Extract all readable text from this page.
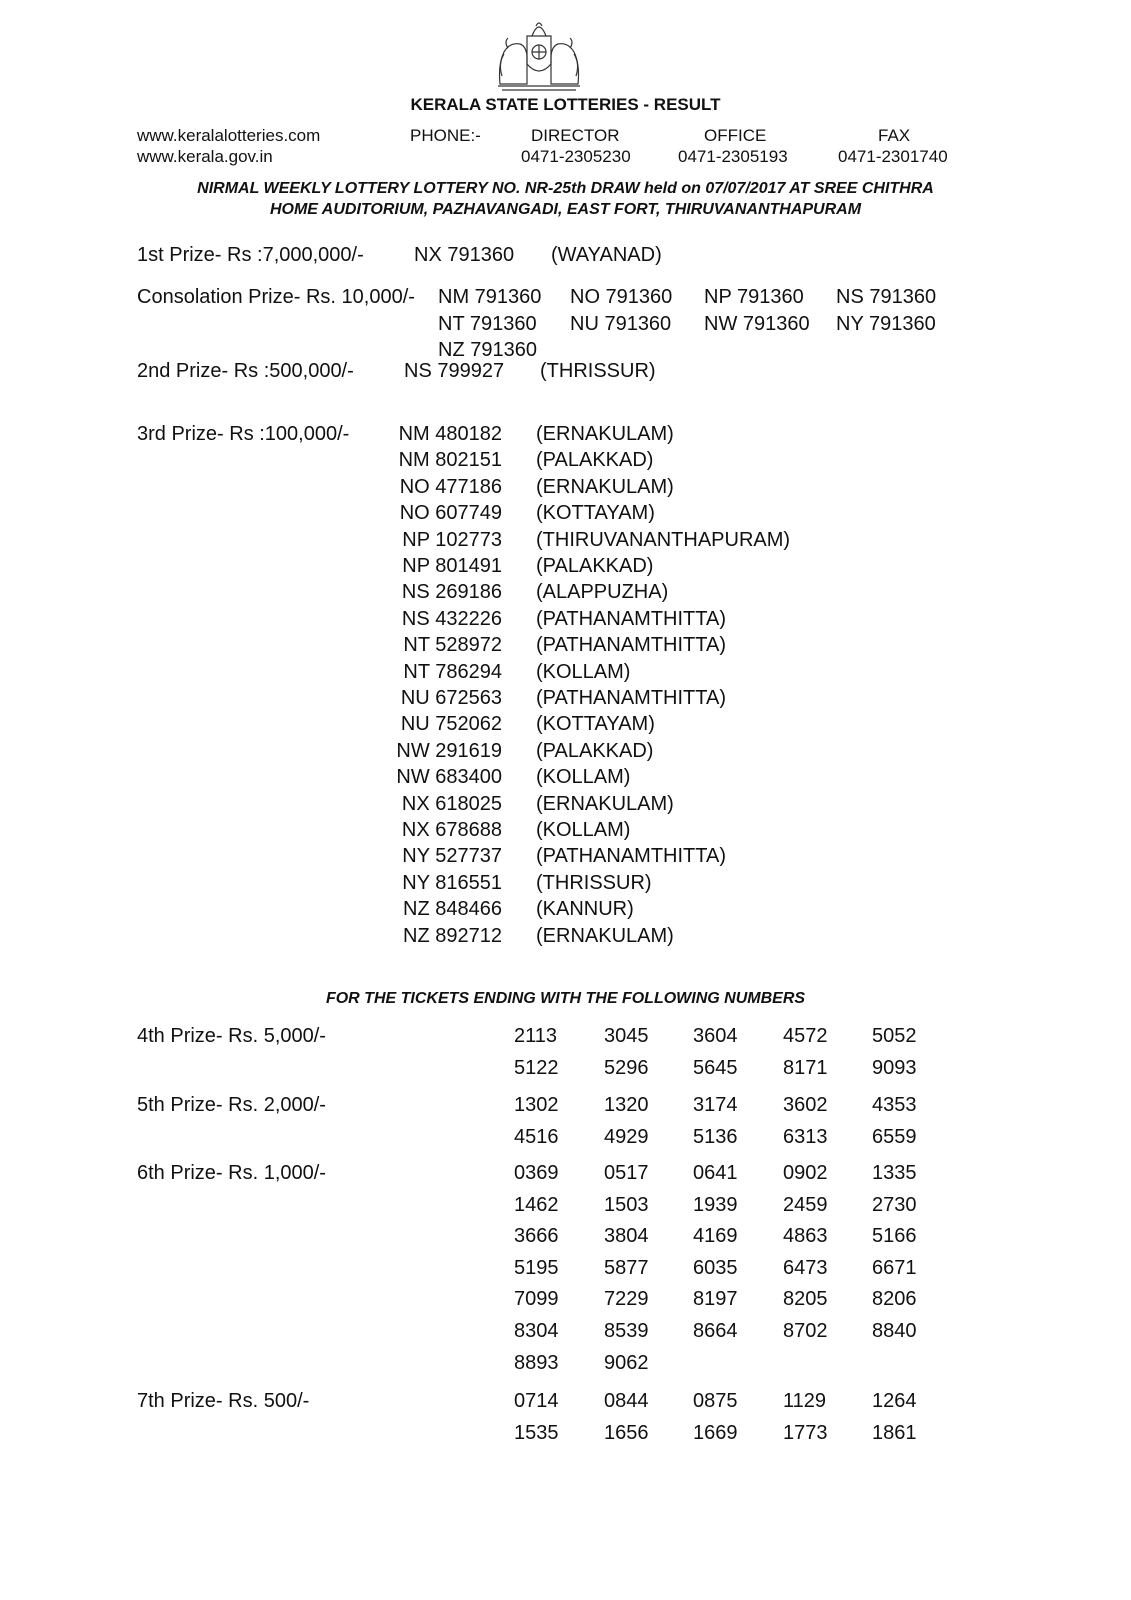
KERALA STATE LOTTERIES - RESULT
www.keralalotteries.com
www.kerala.gov.in
PHONE:-	DIRECTOR	OFFICE	FAX
0471-2305230	0471-2305193	0471-2301740
NIRMAL WEEKLY LOTTERY LOTTERY NO. NR-25th DRAW held on 07/07/2017 AT SREE CHITHRA
HOME AUDITORIUM, PAZHAVANGADI, EAST FORT, THIRUVANANTHAPURAM
1st Prize- Rs :7,000,000/-	NX 791360 (WAYANAD)
Consolation Prize- Rs. 10,000/- NM 791360 NO 791360 NP 791360 NS 791360
NT 791360 NU 791360 NW 791360 NY 791360
NZ 791360
2nd Prize- Rs :500,000/-	NS 799927 (THRISSUR)
3rd Prize- Rs :100,000/-	NM 480182 (ERNAKULAM)
NM 802151 (PALAKKAD)
NO 477186 (ERNAKULAM)
NO 607749 (KOTTAYAM)
NP 102773 (THIRUVANANTHAPURAM)
NP 801491 (PALAKKAD)
NS 269186 (ALAPPUZHA)
NS 432226 (PATHANAMTHITTA)
NT 528972 (PATHANAMTHITTA)
NT 786294 (KOLLAM)
NU 672563 (PATHANAMTHITTA)
NU 752062 (KOTTAYAM)
NW 291619 (PALAKKAD)
NW 683400 (KOLLAM)
NX 618025 (ERNAKULAM)
NX 678688 (KOLLAM)
NY 527737 (PATHANAMTHITTA)
NY 816551 (THRISSUR)
NZ 848466 (KANNUR)
NZ 892712 (ERNAKULAM)
FOR THE TICKETS ENDING WITH THE FOLLOWING NUMBERS
4th Prize- Rs. 5,000/-	2113 3045 3604 4572 5052
5122 5296 5645 8171 9093
5th Prize- Rs. 2,000/-	1302 1320 3174 3602 4353
4516 4929 5136 6313 6559
6th Prize- Rs. 1,000/-	0369 0517 0641 0902 1335
1462 1503 1939 2459 2730
3666 3804 4169 4863 5166
5195 5877 6035 6473 6671
7099 7229 8197 8205 8206
8304 8539 8664 8702 8840
8893 9062
7th Prize- Rs. 500/-	0714 0844 0875 1129 1264
1535 1656 1669 1773 1861
